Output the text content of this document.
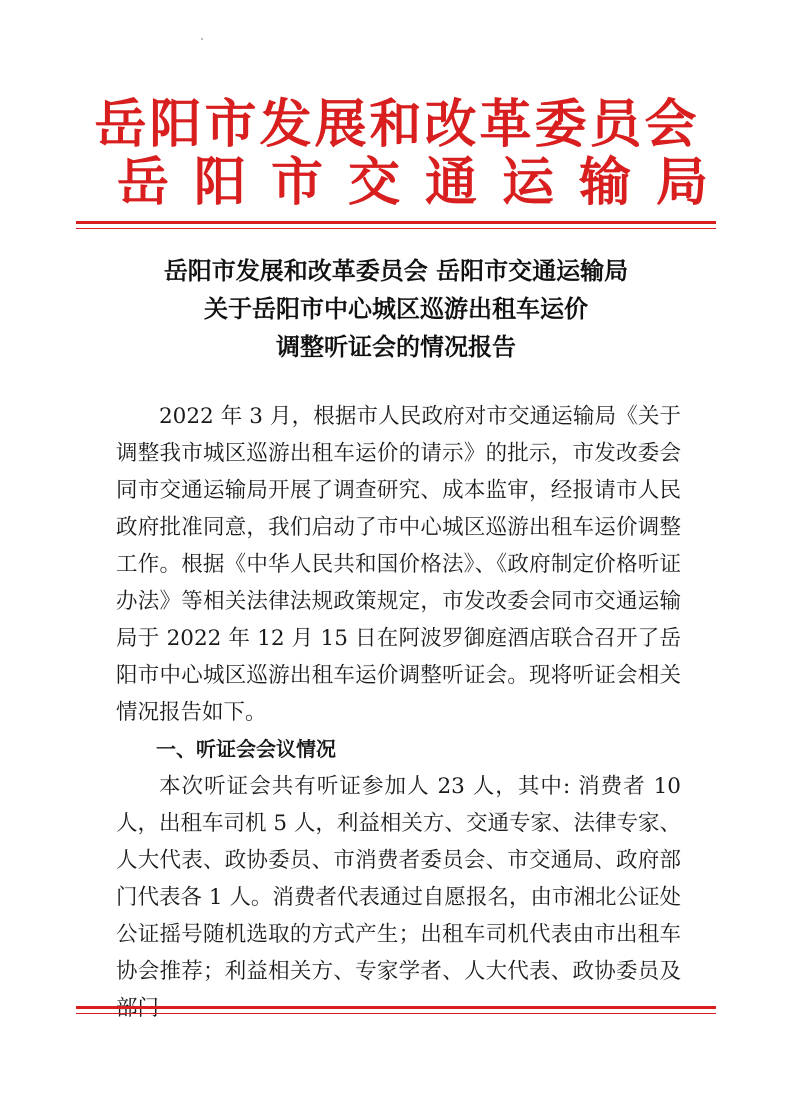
岳阳市发展和改革委员会
岳阳市交通运输局
岳阳市发展和改革委员会 岳阳市交通运输局
关于岳阳市中心城区巡游出租车运价
调整听证会的情况报告

2022 年 3 月，根据市人民政府对市交通运输局《关于调整我市城区巡游出租车运价的请示》的批示，市发改委会同市交通运输局开展了调查研究、成本监审，经报请市人民政府批准同意，我们启动了市中心城区巡游出租车运价调整工作。根据《中华人民共和国价格法》、《政府制定价格听证办法》等相关法律法规政策规定，市发改委会同市交通运输局于 2022 年 12 月 15 日在阿波罗御庭酒店联合召开了岳阳市中心城区巡游出租车运价调整听证会。现将听证会相关情况报告如下。

一、听证会会议情况

本次听证会共有听证参加人 23 人，其中: 消费者 10 人，出租车司机 5 人，利益相关方、交通专家、法律专家、人大代表、政协委员、市消费者委员会、市交通局、政府部门代表各 1 人。消费者代表通过自愿报名，由市湘北公证处公证摇号随机选取的方式产生；出租车司机代表由市出租车协会推荐；利益相关方、专家学者、人大代表、政协委员及
